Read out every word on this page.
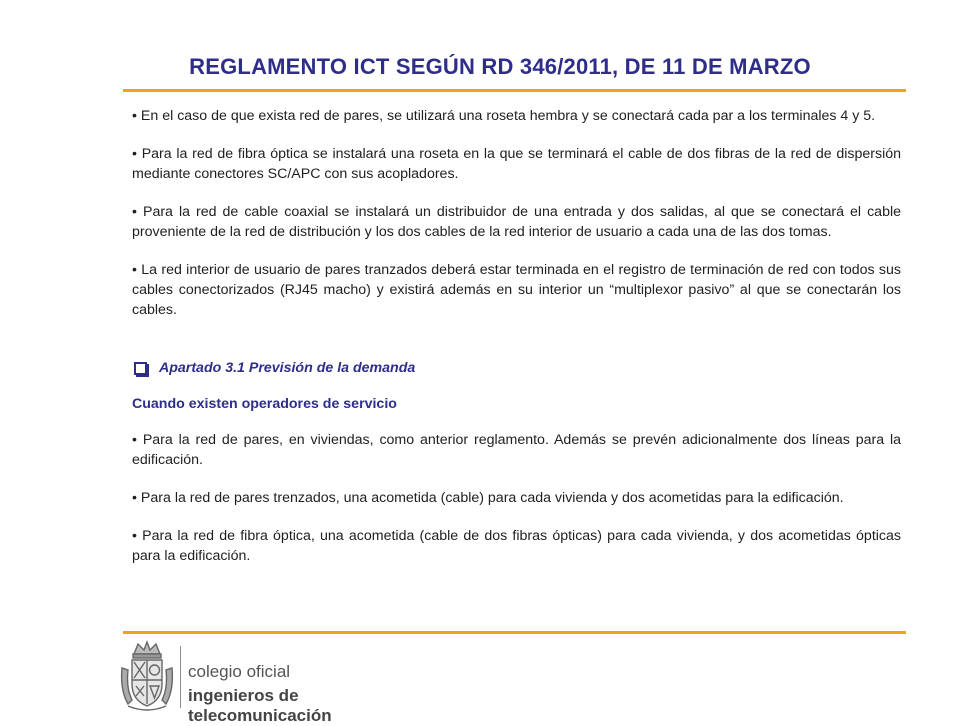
REGLAMENTO ICT SEGÚN RD 346/2011, DE 11 DE MARZO

• En el caso de que exista red de pares, se utilizará una roseta hembra y se conectará cada par a los terminales 4 y 5.

• Para la red de fibra óptica se instalará una roseta en la que se terminará el cable de dos fibras de la red de dispersión mediante conectores SC/APC con sus acopladores.

• Para la red de cable coaxial se instalará un distribuidor de una entrada y dos salidas, al que se conectará el cable proveniente de la red de distribución y los dos cables de la red interior de usuario a cada una de las dos tomas.

• La red interior de usuario de pares tranzados deberá estar terminada en el registro de terminación de red con todos sus cables conectorizados (RJ45 macho) y existirá además en su interior un “multiplexor pasivo” al que se conectarán los cables.

Apartado 3.1 Previsión de la demanda

Cuando existen operadores de servicio

• Para la red de pares, en viviendas, como anterior reglamento. Además se prevén adicionalmente dos líneas para la edificación.

• Para la red de pares trenzados, una acometida (cable) para cada vivienda y dos acometidas para la edificación.

• Para la red de fibra óptica, una acometida (cable de dos fibras ópticas) para cada vivienda, y dos acometidas ópticas para la edificación.

colegio oficial
ingenieros de telecomunicación
